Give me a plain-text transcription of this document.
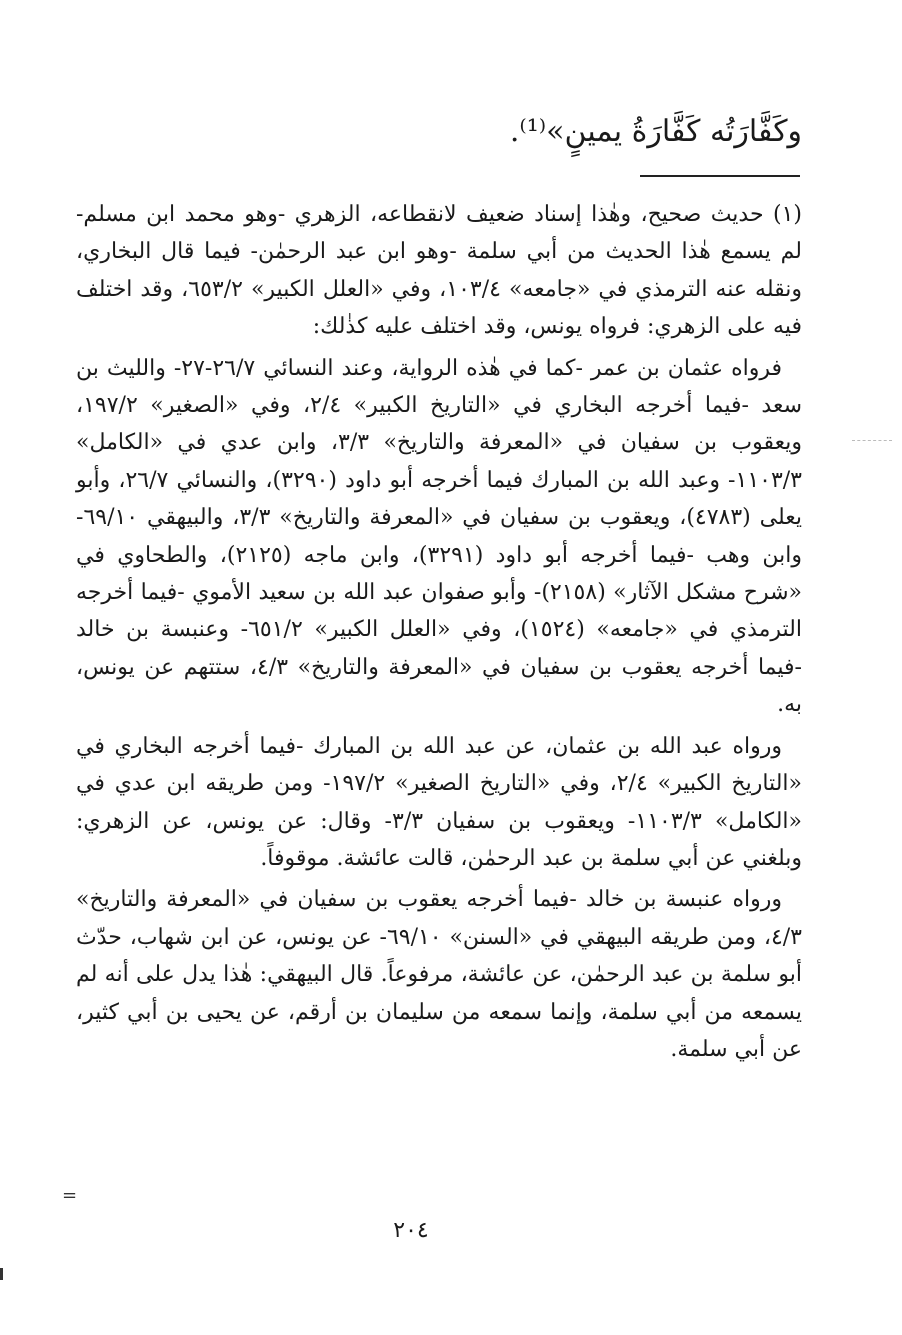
وكَفَّارَتُه كَفَّارَةُ يمينٍ»⁽¹⁾.

(١) حديث صحيح، وهٰذا إسناد ضعيف لانقطاعه، الزهري -وهو محمد ابن مسلم- لم يسمع هٰذا الحديث من أبي سلمة -وهو ابن عبد الرحمٰن- فيما قال البخاري، ونقله عنه الترمذي في «جامعه» ١٠٣/٤، وفي «العلل الكبير» ٦٥٣/٢، وقد اختلف فيه على الزهري: فرواه يونس، وقد اختلف عليه كذٰلك:

فرواه عثمان بن عمر -كما في هٰذه الرواية، وعند النسائي ٢٦/٧-٢٧- والليث بن سعد -فيما أخرجه البخاري في «التاريخ الكبير» ٢/٤، وفي «الصغير» ١٩٧/٢، ويعقوب بن سفيان في «المعرفة والتاريخ» ٣/٣، وابن عدي في «الكامل» ١١٠٣/٣- وعبد الله بن المبارك فيما أخرجه أبو داود (٣٢٩٠)، والنسائي ٢٦/٧، وأبو يعلى (٤٧٨٣)، ويعقوب بن سفيان في «المعرفة والتاريخ» ٣/٣، والبيهقي ٦٩/١٠- وابن وهب -فيما أخرجه أبو داود (٣٢٩١)، وابن ماجه (٢١٢٥)، والطحاوي في «شرح مشكل الآثار» (٢١٥٨)- وأبو صفوان عبد الله بن سعيد الأموي -فيما أخرجه الترمذي في «جامعه» (١٥٢٤)، وفي «العلل الكبير» ٦٥١/٢- وعنبسة بن خالد -فيما أخرجه يعقوب بن سفيان في «المعرفة والتاريخ» ٤/٣، ستتهم عن يونس، به.

ورواه عبد الله بن عثمان، عن عبد الله بن المبارك -فيما أخرجه البخاري في «التاريخ الكبير» ٢/٤، وفي «التاريخ الصغير» ١٩٧/٢- ومن طريقه ابن عدي في «الكامل» ١١٠٣/٣- ويعقوب بن سفيان ٣/٣- وقال: عن يونس، عن الزهري: وبلغني عن أبي سلمة بن عبد الرحمٰن، قالت عائشة. موقوفاً.

ورواه عنبسة بن خالد -فيما أخرجه يعقوب بن سفيان في «المعرفة والتاريخ» ٤/٣، ومن طريقه البيهقي في «السنن» ٦٩/١٠- عن يونس، عن ابن شهاب، حدّث أبو سلمة بن عبد الرحمٰن، عن عائشة، مرفوعاً. قال البيهقي: هٰذا يدل على أنه لم يسمعه من أبي سلمة، وإنما سمعه من سليمان بن أرقم، عن يحيى بن أبي كثير، عن أبي سلمة.

=
٢٠٤
